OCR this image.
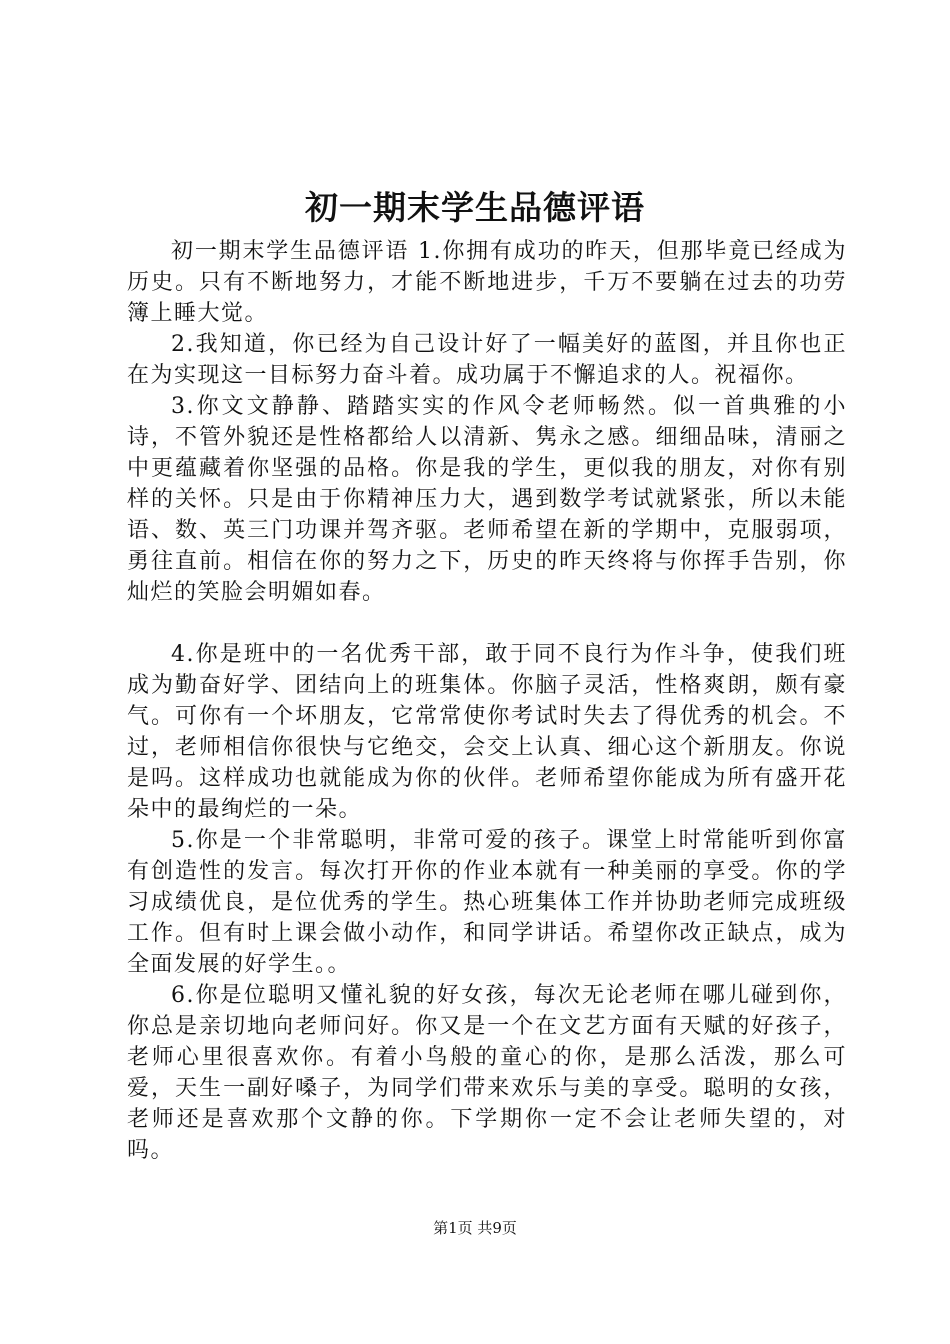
初一期末学生品德评语

初一期末学生品德评语 1.你拥有成功的昨天，但那毕竟已经成为历史。只有不断地努力，才能不断地进步，千万不要躺在过去的功劳簿上睡大觉。

2.我知道，你已经为自己设计好了一幅美好的蓝图，并且你也正在为实现这一目标努力奋斗着。成功属于不懈追求的人。祝福你。

3.你文文静静、踏踏实实的作风令老师畅然。似一首典雅的小诗，不管外貌还是性格都给人以清新、隽永之感。细细品味，清丽之中更蕴藏着你坚强的品格。你是我的学生，更似我的朋友，对你有别样的关怀。只是由于你精神压力大，遇到数学考试就紧张，所以未能语、数、英三门功课并驾齐驱。老师希望在新的学期中，克服弱项，勇往直前。相信在你的努力之下，历史的昨天终将与你挥手告别，你灿烂的笑脸会明媚如春。

4.你是班中的一名优秀干部，敢于同不良行为作斗争，使我们班成为勤奋好学、团结向上的班集体。你脑子灵活，性格爽朗，颇有豪气。可你有一个坏朋友，它常常使你考试时失去了得优秀的机会。不过，老师相信你很快与它绝交，会交上认真、细心这个新朋友。你说是吗。这样成功也就能成为你的伙伴。老师希望你能成为所有盛开花朵中的最绚烂的一朵。

5.你是一个非常聪明，非常可爱的孩子。课堂上时常能听到你富有创造性的发言。每次打开你的作业本就有一种美丽的享受。你的学习成绩优良，是位优秀的学生。热心班集体工作并协助老师完成班级工作。但有时上课会做小动作，和同学讲话。希望你改正缺点，成为全面发展的好学生。。

6.你是位聪明又懂礼貌的好女孩，每次无论老师在哪儿碰到你，你总是亲切地向老师问好。你又是一个在文艺方面有天赋的好孩子，老师心里很喜欢你。有着小鸟般的童心的你，是那么活泼，那么可爱，天生一副好嗓子，为同学们带来欢乐与美的享受。聪明的女孩，老师还是喜欢那个文静的你。下学期你一定不会让老师失望的，对吗。

第1页 共9页
